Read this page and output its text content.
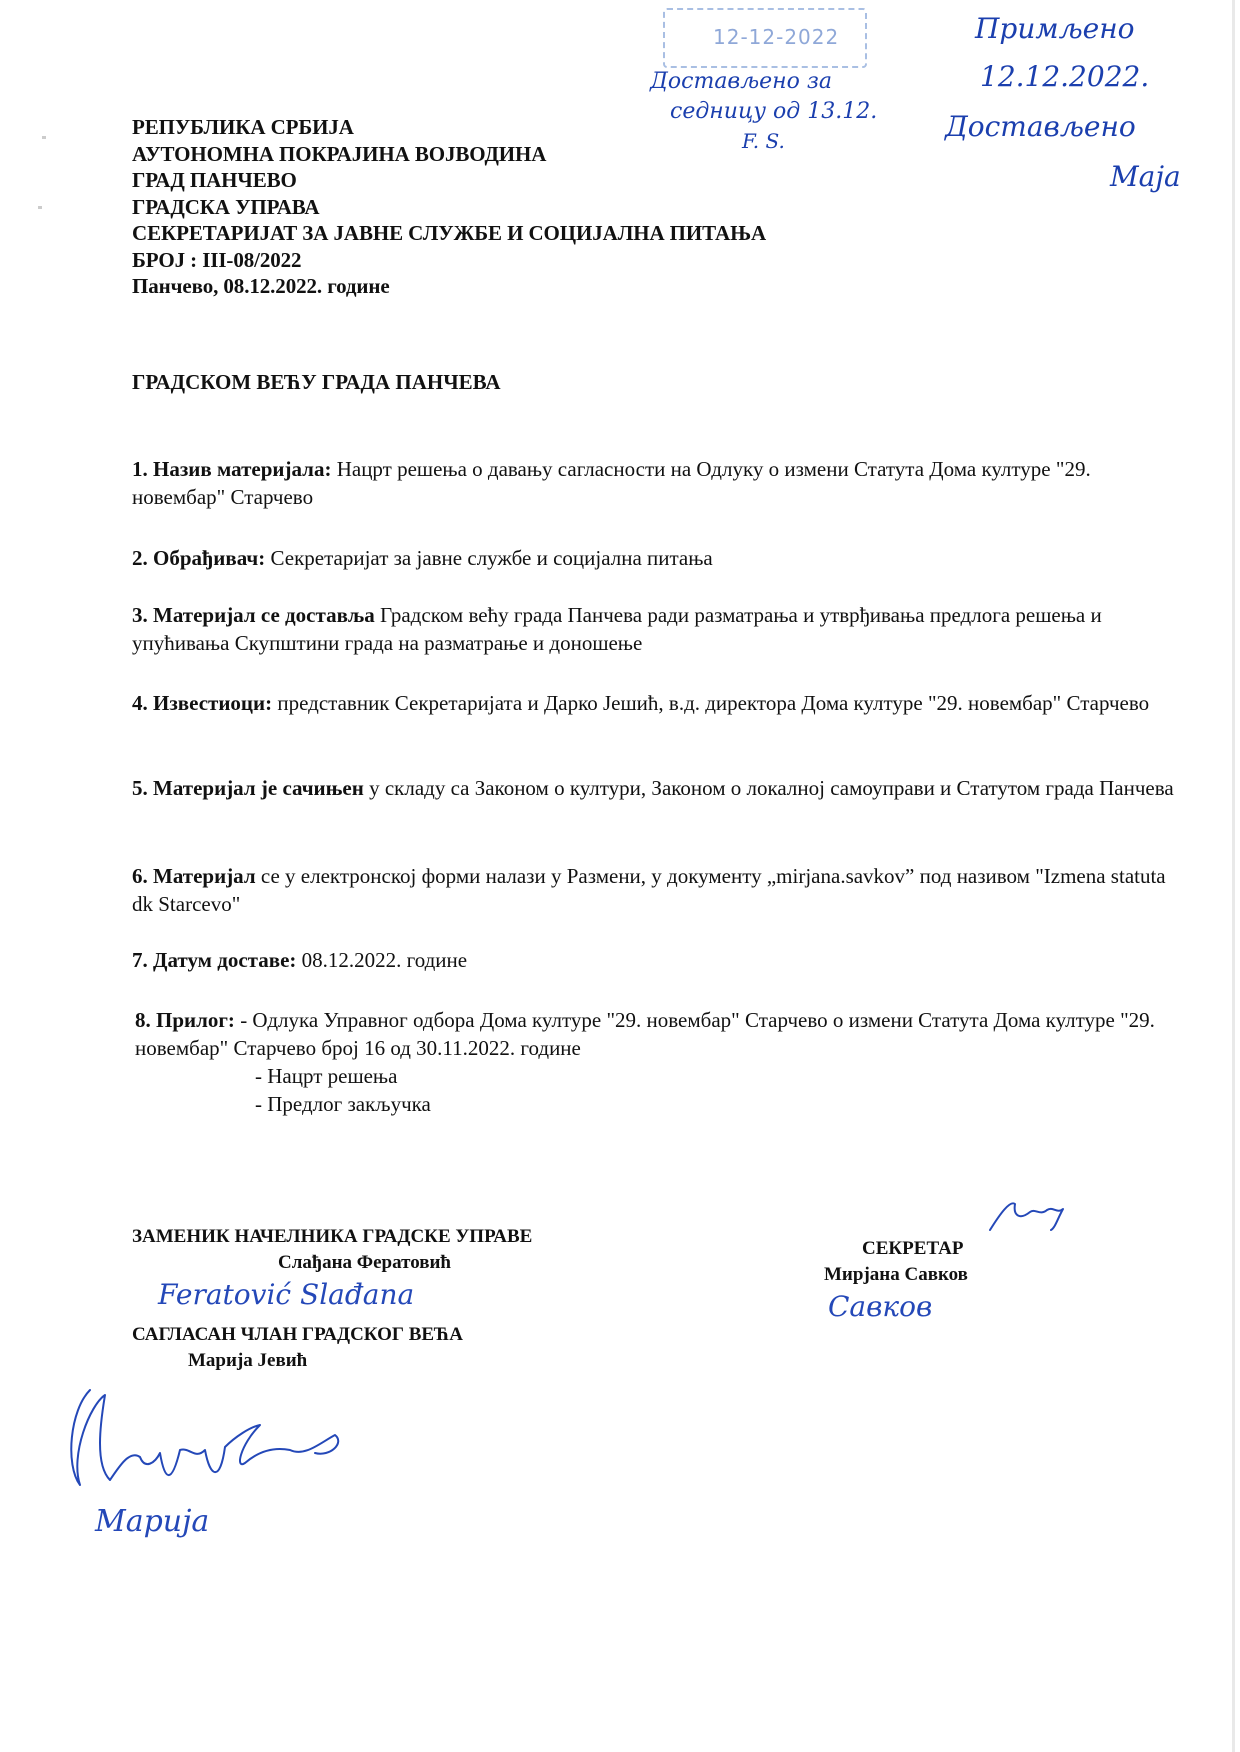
12-12-2022
Достављено за
седницу од 13.12.
F. S.
Примљено
12.12.2022.
Достављено
Маја
РЕПУБЛИКА СРБИЈА
АУТОНОМНА ПОКРАЈИНА ВОЈВОДИНА
ГРАД ПАНЧЕВО
ГРАДСКА УПРАВА
СЕКРЕТАРИЈАТ ЗА ЈАВНЕ СЛУЖБЕ И СОЦИЈАЛНА ПИТАЊА
БРОЈ : III-08/2022
Панчево, 08.12.2022. године
ГРАДСКОМ ВЕЋУ ГРАДА ПАНЧЕВА
1. Назив материјала: Нацрт решења о давању сагласности на Одлуку о измени Статута Дома културе "29. новембар" Старчево
2. Обрађивач: Секретаријат за јавне службе и социјална питања
3. Материјал се доставља Градском већу града Панчева ради разматрања и утврђивања предлога решења и упућивања Скупштини града на разматрање и доношење
4. Известиоци: представник Секретаријата и Дарко Јешић, в.д. директора Дома културе "29. новембар" Старчево
5. Материјал је сачињен у складу са Законом о култури, Законом о локалној самоуправи и Статутом града Панчева
6. Материјал се у електронској форми налази у Размени, у документу „mirjana.savkov” под називом "Izmena statuta dk Starcevo"
7. Датум доставе: 08.12.2022. године
8. Прилог: - Одлука Управног одбора Дома културе "29. новембар" Старчево о измени Статута Дома културе "29. новембар" Старчево број 16 од 30.11.2022. године
- Нацрт решења
- Предлог закључка
ЗАМЕНИК НАЧЕЛНИКА ГРАДСКЕ УПРАВЕ
Слађана Фератовић
Feratović Slađana
САГЛАСАН ЧЛАН ГРАДСКОГ ВЕЋА
Марија Јевић
Марија
СЕКРЕТАР
Мирјана Савков
Савков
